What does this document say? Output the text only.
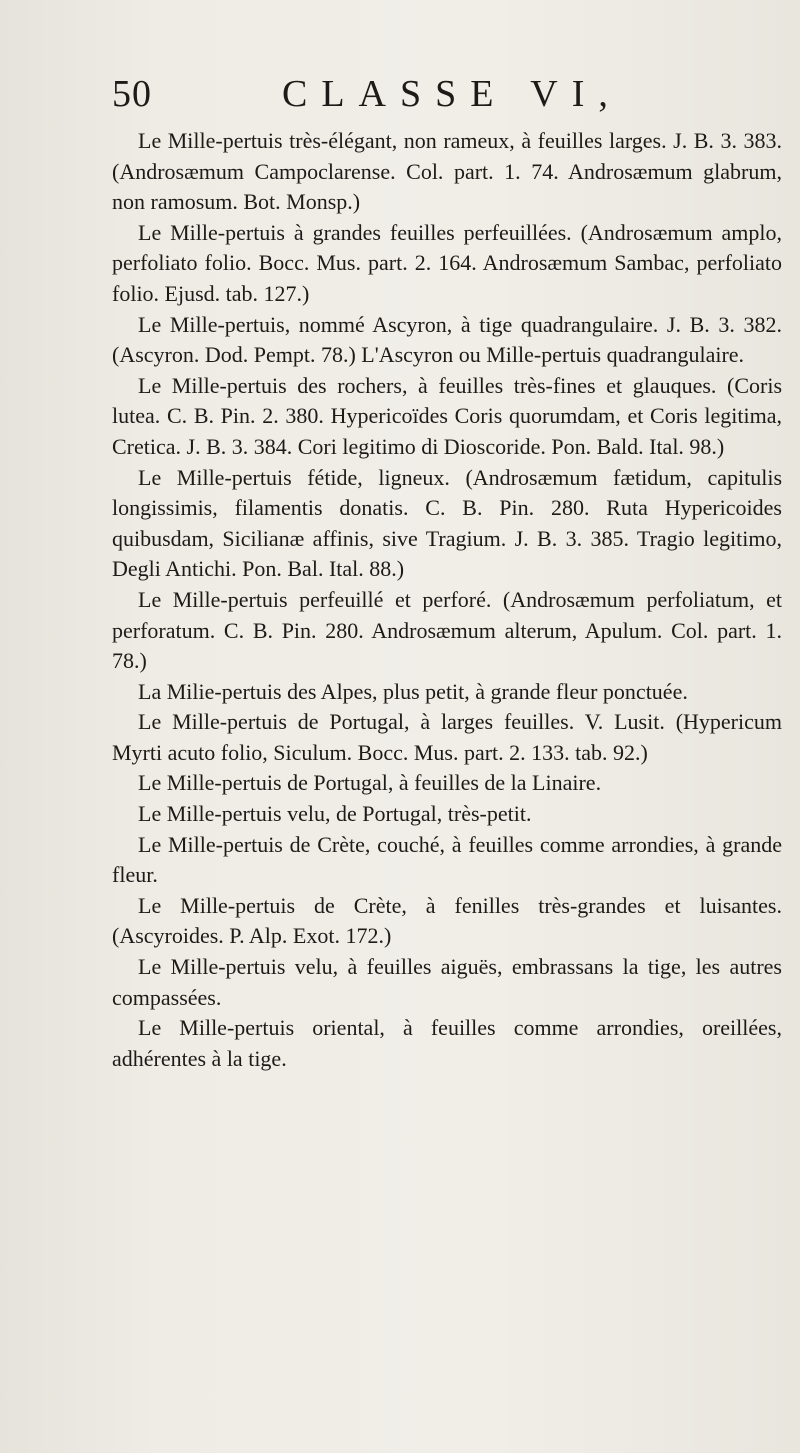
50	CLASSE VI,

Le Mille-pertuis très-élégant, non rameux, à feuilles larges. J. B. 3. 383. (Androsæmum Campoclarense. Col. part. 1. 74. Androsæmum glabrum, non ramosum. Bot. Monsp.)

Le Mille-pertuis à grandes feuilles perfeuillées. (Androsæmum amplo, perfoliato folio. Bocc. Mus. part. 2. 164. Androsæmum Sambac, perfoliato folio. Ejusd. tab. 127.)

Le Mille-pertuis, nommé Ascyron, à tige quadrangulaire. J. B. 3. 382. (Ascyron. Dod. Pempt. 78.) L'Ascyron ou Mille-pertuis quadrangulaire.

Le Mille-pertuis des rochers, à feuilles très-fines et glauques. (Coris lutea. C. B. Pin. 2. 380. Hypericoïdes Coris quorumdam, et Coris legitima, Cretica. J. B. 3. 384. Cori legitimo di Dioscoride. Pon. Bald. Ital. 98.)

Le Mille-pertuis fétide, ligneux. (Androsæmum fætidum, capitulis longissimis, filamentis donatis. C. B. Pin. 280. Ruta Hypericoides quibusdam, Sicilianæ affinis, sive Tragium. J. B. 3. 385. Tragio legitimo, Degli Antichi. Pon. Bal. Ital. 88.)

Le Mille-pertuis perfeuillé et perforé. (Androsæmum perfoliatum, et perforatum. C. B. Pin. 280. Androsæmum alterum, Apulum. Col. part. 1. 78.)

La Milie-pertuis des Alpes, plus petit, à grande fleur ponctuée.

Le Mille-pertuis de Portugal, à larges feuilles. V. Lusit. (Hypericum Myrti acuto folio, Siculum. Bocc. Mus. part. 2. 133. tab. 92.)

Le Mille-pertuis de Portugal, à feuilles de la Linaire.

Le Mille-pertuis velu, de Portugal, très-petit.

Le Mille-pertuis de Crète, couché, à feuilles comme arrondies, à grande fleur.

Le Mille-pertuis de Crète, à fenilles très-grandes et luisantes. (Ascyroides. P. Alp. Exot. 172.)

Le Mille-pertuis velu, à feuilles aiguës, embrassans la tige, les autres compassées.

Le Mille-pertuis oriental, à feuilles comme arrondies, oreillées, adhérentes à la tige.
